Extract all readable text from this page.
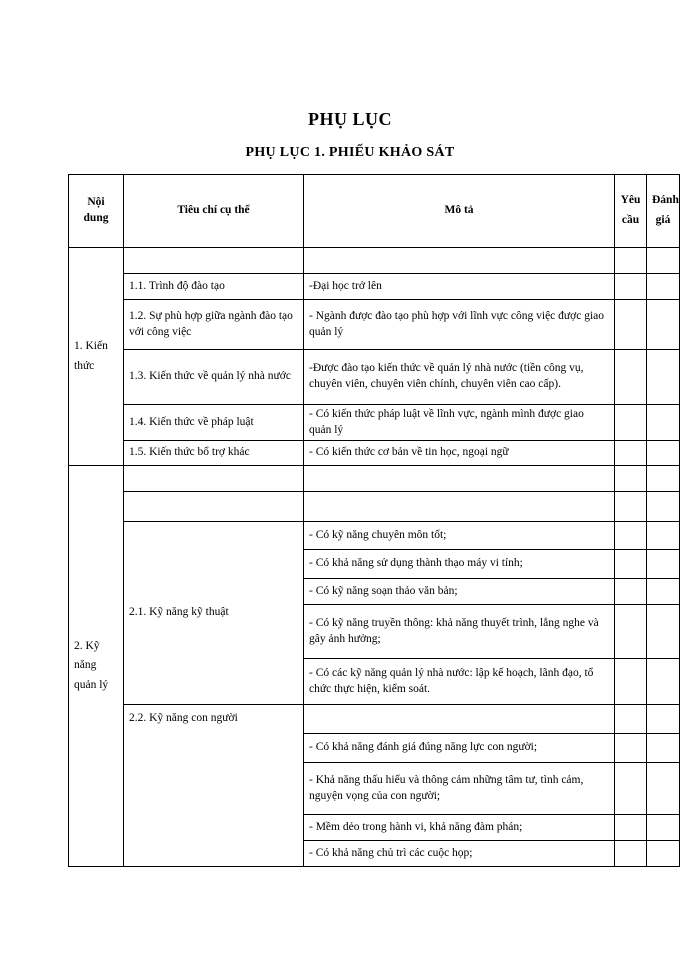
PHỤ LỤC
PHỤ LỤC 1. PHIẾU KHẢO SÁT
Nội dung	Tiêu chí cụ thể	Mô tả	Yêu cầu	Đánh giá

1. Kiến thức				

	1.1. Trình độ đào tạo	-Đại học trở lên		
	1.2. Sự phù hợp giữa ngành đào tạo với công việc	- Ngành được đào tạo phù hợp với lĩnh vực công việc được giao quản lý		
	1.3. Kiến thức về quản lý nhà nước	-Được đào tạo kiến thức về quản lý nhà nước (tiền công vụ, chuyên viên, chuyên viên chính, chuyên viên cao cấp).		
	1.4. Kiến thức về pháp luật	- Có kiến thức pháp luật về lĩnh vực, ngành mình được giao quản lý		
	1.5. Kiến thức bổ trợ khác	- Có kiến thức cơ bản về tin học, ngoại ngữ		

2. Kỹ năng quản lý				

	2.1. Kỹ năng kỹ thuật	- Có kỹ năng chuyên môn tốt;		
		- Có khả năng sử dụng thành thạo máy vi tính;		
		- Có kỹ năng soạn thảo văn bản;		
		- Có kỹ năng truyền thông: khả năng thuyết trình, lắng nghe và gây ảnh hưởng;		
		- Có các kỹ năng quản lý nhà nước: lập kế hoạch, lãnh đạo, tổ chức thực hiện, kiểm soát.		
	2.2. Kỹ năng con người			
		- Có khả năng đánh giá đúng năng lực con người;		
		- Khả năng thấu hiểu và thông cảm những tâm tư, tình cảm, nguyện vọng của con người;		
		- Mềm dẻo trong hành vi, khả năng đàm phán;		
		- Có khả năng chủ trì các cuộc họp;		
